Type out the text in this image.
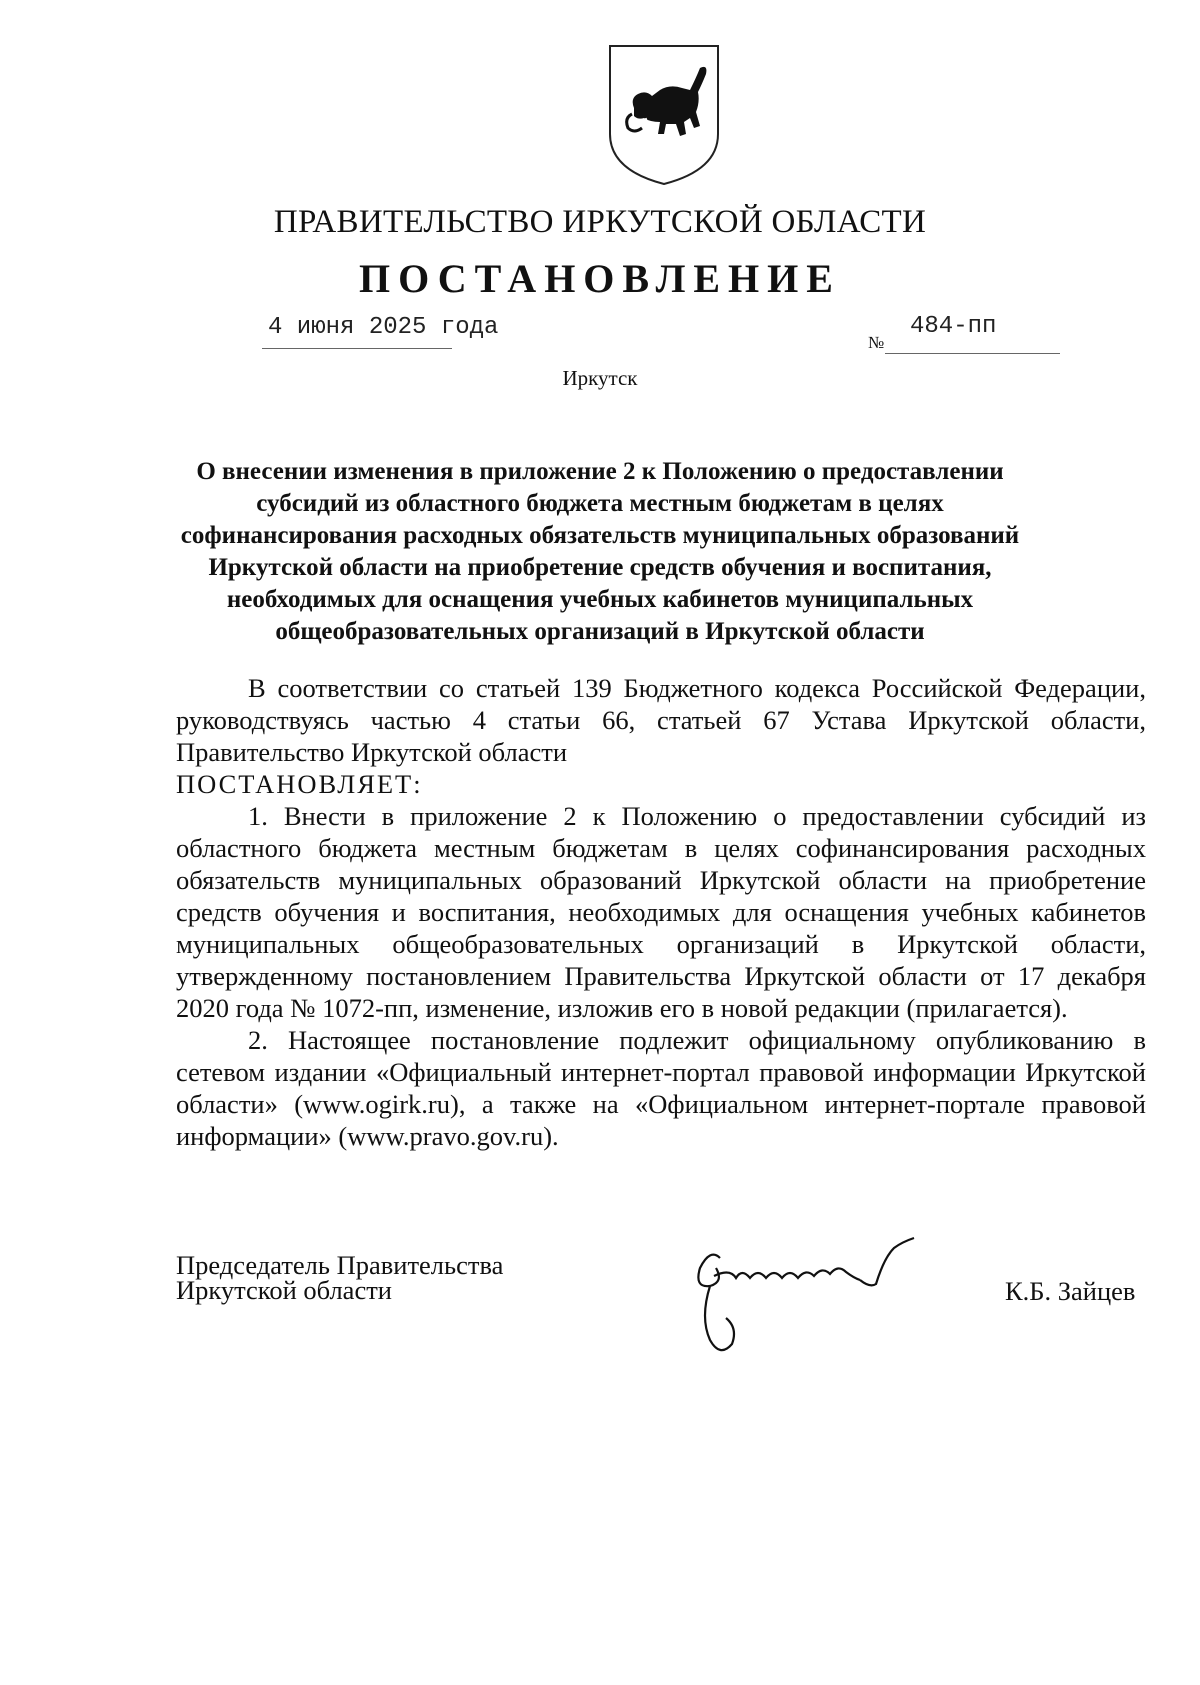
ПРАВИТЕЛЬСТВО ИРКУТСКОЙ ОБЛАСТИ
ПОСТАНОВЛЕНИЕ
4 июня 2025 года
№
484-пп
Иркутск
О внесении изменения в приложение 2 к Положению о предоставлении субсидий из областного бюджета местным бюджетам в целях софинансирования расходных обязательств муниципальных образований Иркутской области на приобретение средств обучения и воспитания, необходимых для оснащения учебных кабинетов муниципальных общеобразовательных организаций в Иркутской области

В соответствии со статьей 139 Бюджетного кодекса Российской Федерации, руководствуясь частью 4 статьи 66, статьей 67 Устава Иркутской области, Правительство Иркутской области

ПОСТАНОВЛЯЕТ:

1. Внести в приложение 2 к Положению о предоставлении субсидий из областного бюджета местным бюджетам в целях софинансирования расходных обязательств муниципальных образований Иркутской области на приобретение средств обучения и воспитания, необходимых для оснащения учебных кабинетов муниципальных общеобразовательных организаций в Иркутской области, утвержденному постановлением Правительства Иркутской области от 17 декабря 2020 года № 1072-пп, изменение, изложив его в новой редакции (прилагается).

2. Настоящее постановление подлежит официальному опубликованию в сетевом издании «Официальный интернет-портал правовой информации Иркутской области» (www.ogirk.ru), а также на «Официальном интернет-портале правовой информации» (www.pravo.gov.ru).

Председатель Правительства
Иркутской области	К.Б. Зайцев
